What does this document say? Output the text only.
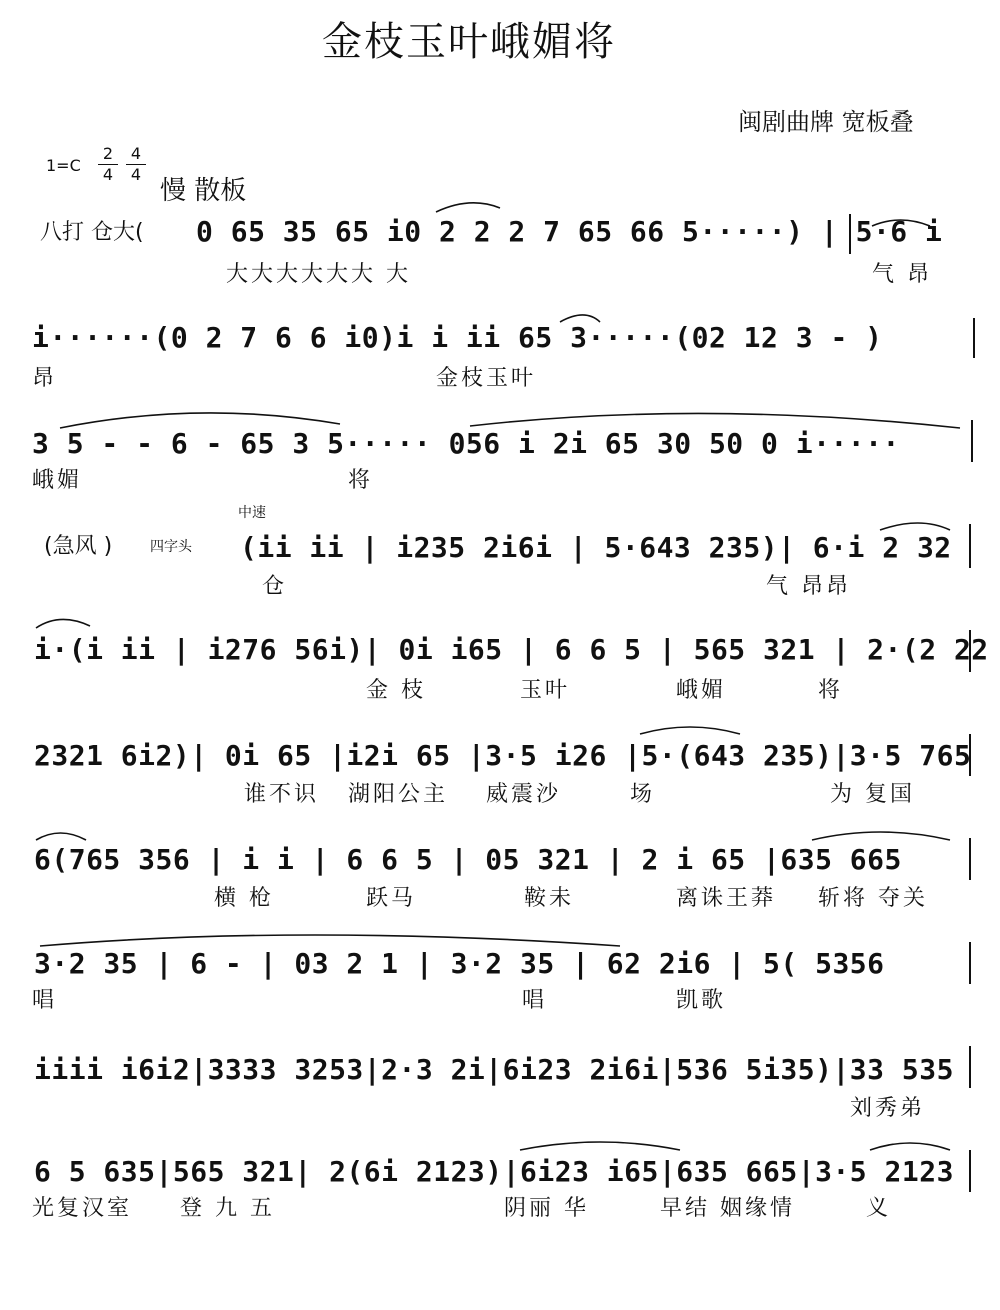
金枝玉叶峨媚将
闽剧曲牌 宽板叠
$1=C \frac{2}{4} \frac{4}{4}$
慢 散板
八打 仓大( 0 65 35 65 i0 2 2 2 7 65 66 5·····) | 5·6 i
大大大大大大 大	气 昂
i······(0 2 7 6 6 i0)i i ii 65 3·····(02 12 3 - )
昂	金枝玉叶
3 5 - - 6 - 65 3 5····· 056 i 2i 65 30 50 0 i·····
峨媚	将
中速
(急风 )	四字头 (ii ii | i235 2i6i | 5·643 235)| 6·i 2 32
仓	气 昂昂
i·(i ii | i276 56i)| 0i i65 | 6 6 5 | 565 321 | 2·(2 22
金 枝	玉叶	峨媚	将
2321 6i2)| 0i 65 |i2i 65 |3·5 i26 |5·(643 235)|3·5 765
谁不识 湖阳公主 威震沙	场	为 复国
6(765 356 | i i | 6 6 5 | 05 321 | 2 i 65 |635 665
横 枪	跃马	鞍未	离诛王莽 斩将 夺关
3·2 35 | 6 - | 03 2 1 | 3·2 35 | 62 2i6 | 5( 5356
唱	唱	凯歌
iiii i6i2|3333 3253|2·3 2i|6i23 2i6i|536 5i35)|33 535
刘秀弟
6 5 635|565 321| 2(6i 2123)|6i23 i65|635 665|3·5 2123
光复汉室 登 九 五	阴丽 华	早结 姻缘情	义
